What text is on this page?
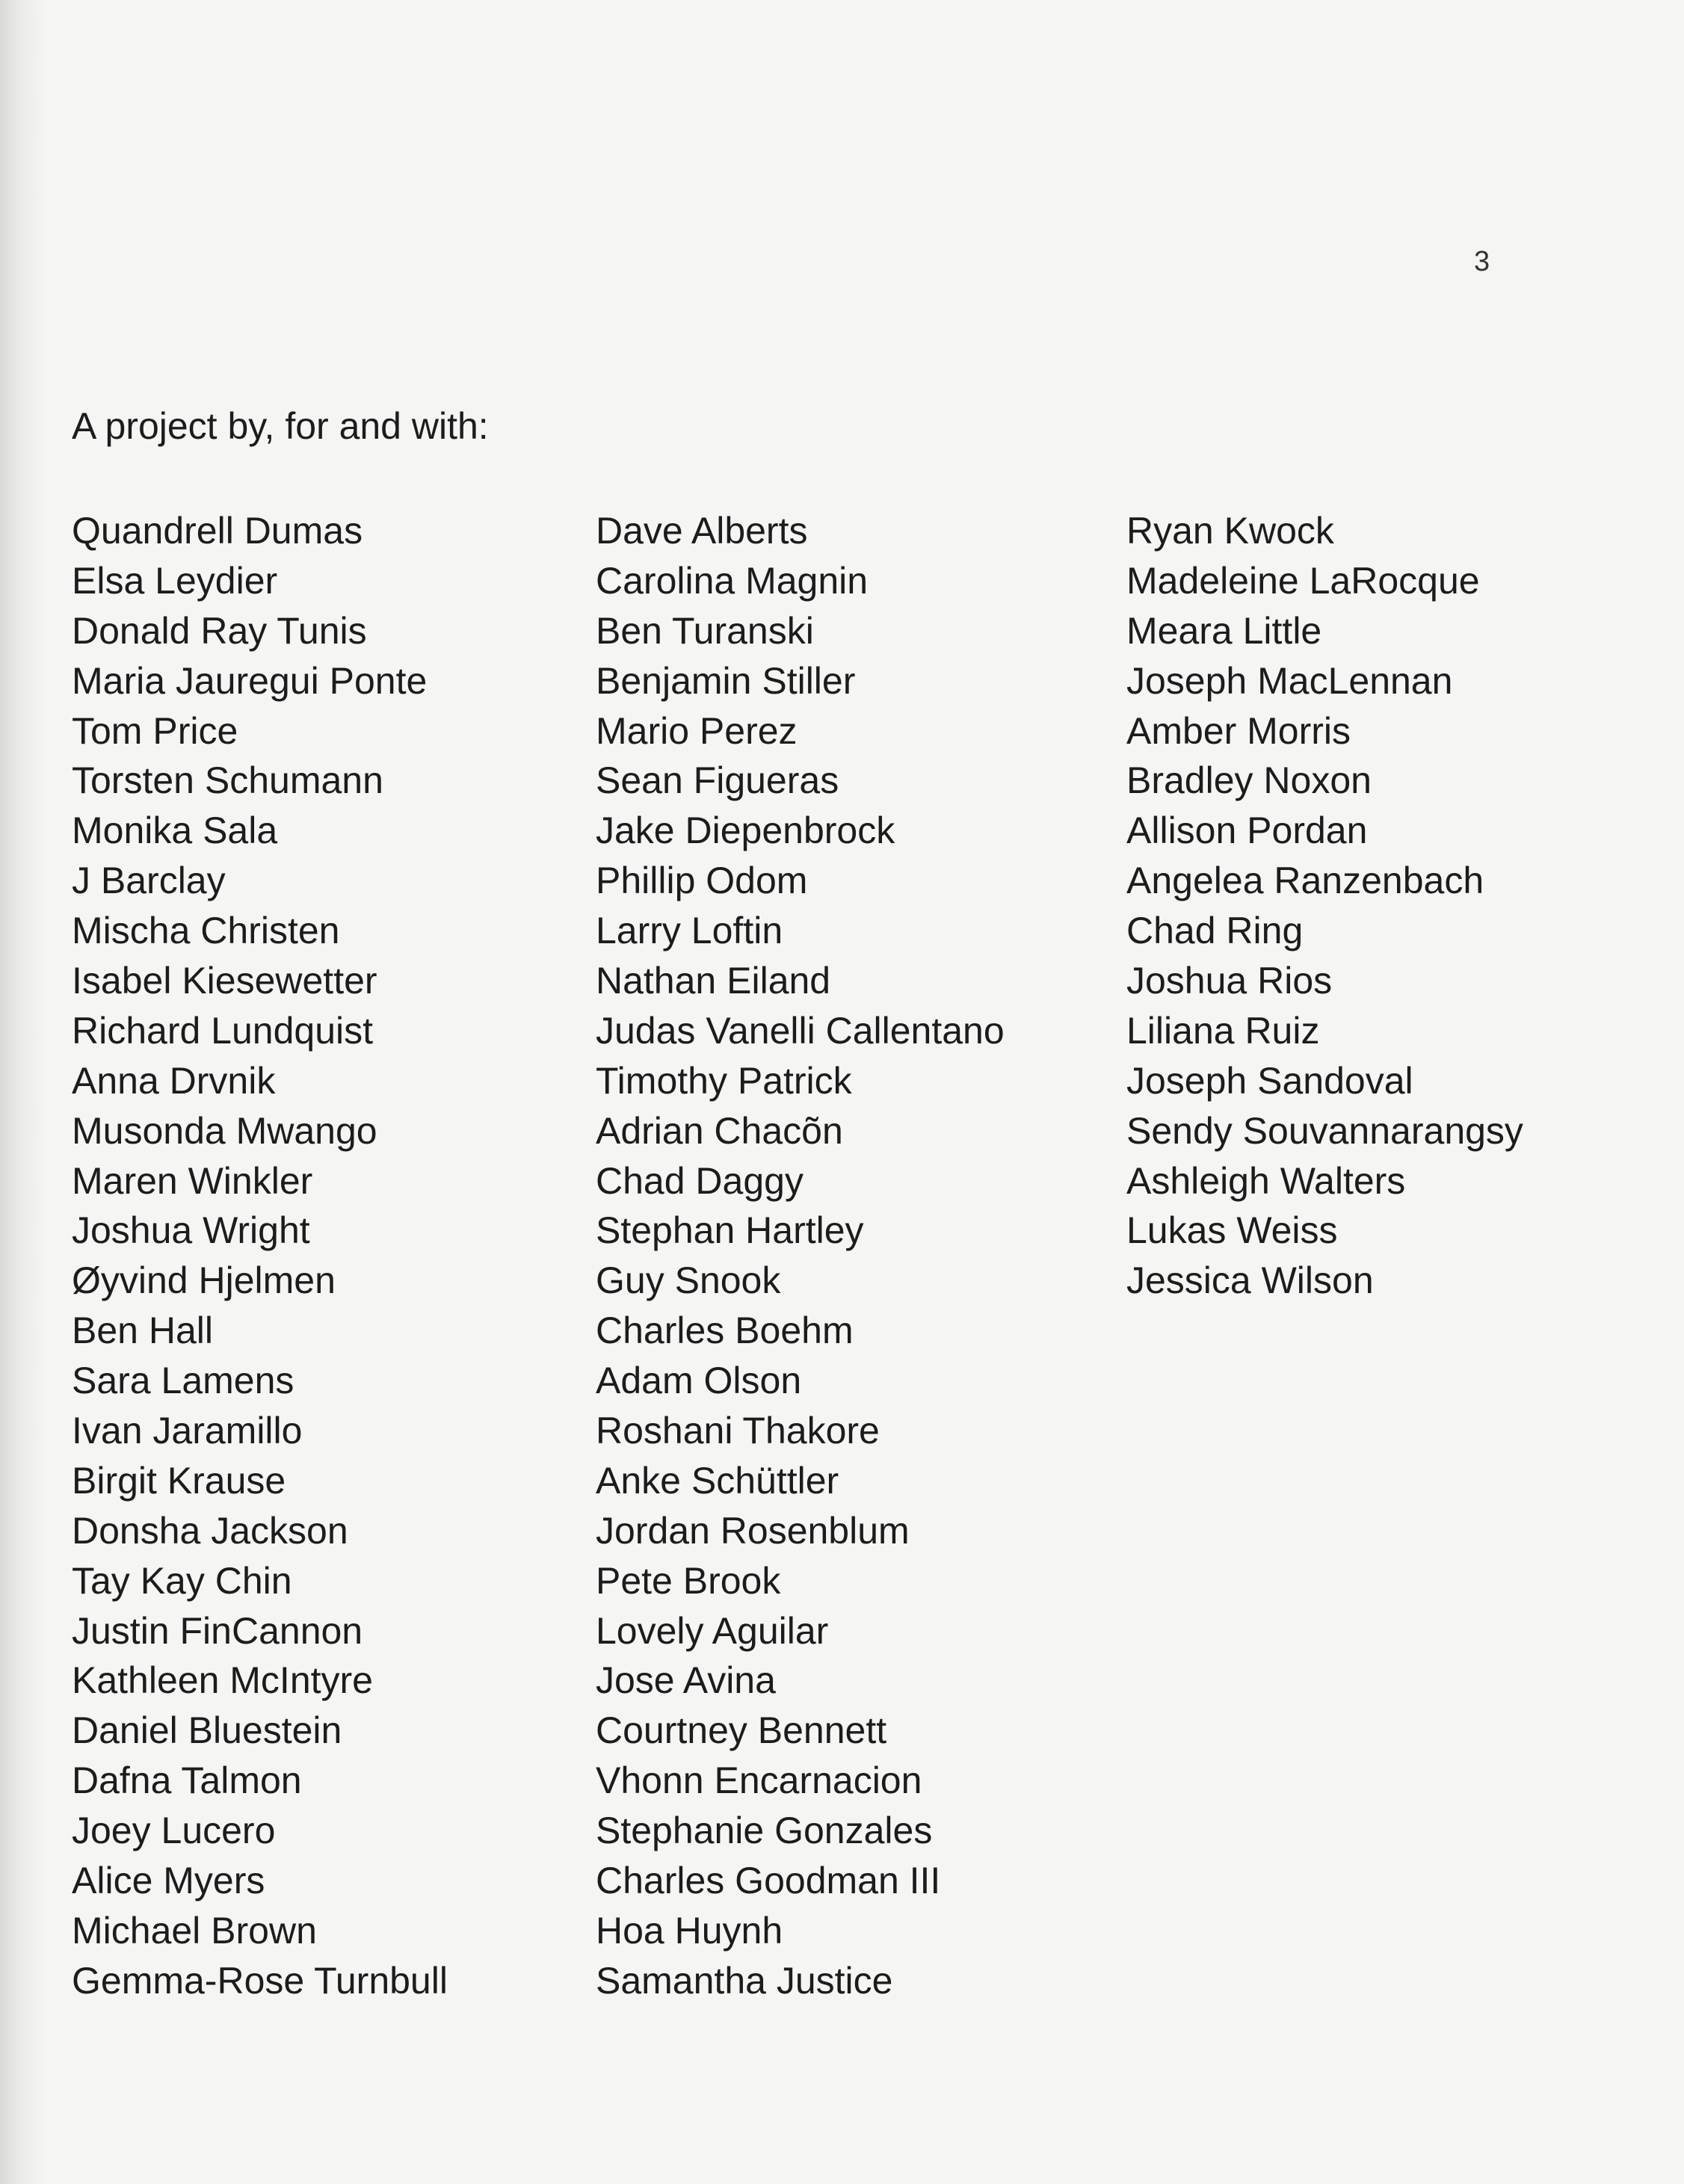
3
A project by, for and with:
Quandrell Dumas
Elsa Leydier
Donald Ray Tunis
Maria Jauregui Ponte
Tom Price
Torsten Schumann
Monika Sala
J Barclay
Mischa Christen
Isabel Kiesewetter
Richard Lundquist
Anna Drvnik
Musonda Mwango
Maren Winkler
Joshua Wright
Øyvind Hjelmen
Ben Hall
Sara Lamens
Ivan Jaramillo
Birgit Krause
Donsha Jackson
Tay Kay Chin
Justin FinCannon
Kathleen McIntyre
Daniel Bluestein
Dafna Talmon
Joey Lucero
Alice Myers
Michael Brown
Gemma-Rose Turnbull
Dave Alberts
Carolina Magnin
Ben Turanski
Benjamin Stiller
Mario Perez
Sean Figueras
Jake Diepenbrock
Phillip Odom
Larry Loftin
Nathan Eiland
Judas Vanelli Callentano
Timothy Patrick
Adrian Chacõn
Chad Daggy
Stephan Hartley
Guy Snook
Charles Boehm
Adam Olson
Roshani Thakore
Anke Schüttler
Jordan Rosenblum
Pete Brook
Lovely Aguilar
Jose Avina
Courtney Bennett
Vhonn Encarnacion
Stephanie Gonzales
Charles Goodman III
Hoa Huynh
Samantha Justice
Ryan Kwock
Madeleine LaRocque
Meara Little
Joseph MacLennan
Amber Morris
Bradley Noxon
Allison Pordan
Angelea Ranzenbach
Chad Ring
Joshua Rios
Liliana Ruiz
Joseph Sandoval
Sendy Souvannarangsy
Ashleigh Walters
Lukas Weiss
Jessica Wilson
